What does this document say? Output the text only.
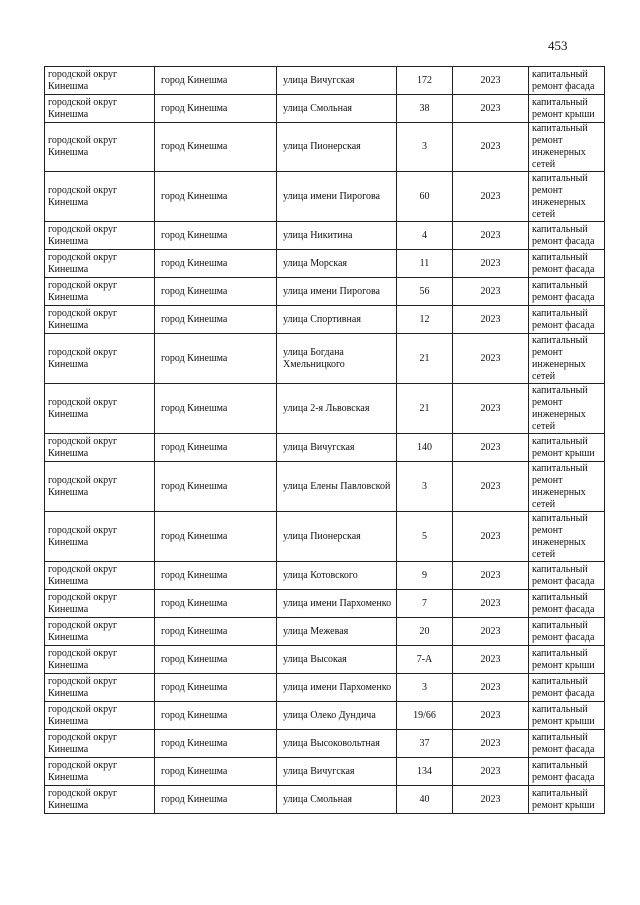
453
городской округ Кинешма	город Кинешма	улица Вичугская	172	2023	капитальный ремонт фасада
городской округ Кинешма	город Кинешма	улица Смольная	38	2023	капитальный ремонт крыши
городской округ Кинешма	город Кинешма	улица Пионерская	3	2023	капитальный ремонт инженерных сетей
городской округ Кинешма	город Кинешма	улица имени Пирогова	60	2023	капитальный ремонт инженерных сетей
городской округ Кинешма	город Кинешма	улица Никитина	4	2023	капитальный ремонт фасада
городской округ Кинешма	город Кинешма	улица Морская	11	2023	капитальный ремонт фасада
городской округ Кинешма	город Кинешма	улица имени Пирогова	56	2023	капитальный ремонт фасада
городской округ Кинешма	город Кинешма	улица Спортивная	12	2023	капитальный ремонт фасада
городской округ Кинешма	город Кинешма	улица Богдана Хмельницкого	21	2023	капитальный ремонт инженерных сетей
городской округ Кинешма	город Кинешма	улица 2-я Львовская	21	2023	капитальный ремонт инженерных сетей
городской округ Кинешма	город Кинешма	улица Вичугская	140	2023	капитальный ремонт крыши
городской округ Кинешма	город Кинешма	улица Елены Павловской	3	2023	капитальный ремонт инженерных сетей
городской округ Кинешма	город Кинешма	улица Пионерская	5	2023	капитальный ремонт инженерных сетей
городской округ Кинешма	город Кинешма	улица Котовского	9	2023	капитальный ремонт фасада
городской округ Кинешма	город Кинешма	улица имени Пархоменко	7	2023	капитальный ремонт фасада
городской округ Кинешма	город Кинешма	улица Межевая	20	2023	капитальный ремонт фасада
городской округ Кинешма	город Кинешма	улица Высокая	7-А	2023	капитальный ремонт крыши
городской округ Кинешма	город Кинешма	улица имени Пархоменко	3	2023	капитальный ремонт фасада
городской округ Кинешма	город Кинешма	улица Олеко Дундича	19/66	2023	капитальный ремонт крыши
городской округ Кинешма	город Кинешма	улица Высоковольтная	37	2023	капитальный ремонт фасада
городской округ Кинешма	город Кинешма	улица Вичугская	134	2023	капитальный ремонт фасада
городской округ Кинешма	город Кинешма	улица Смольная	40	2023	капитальный ремонт крыши
